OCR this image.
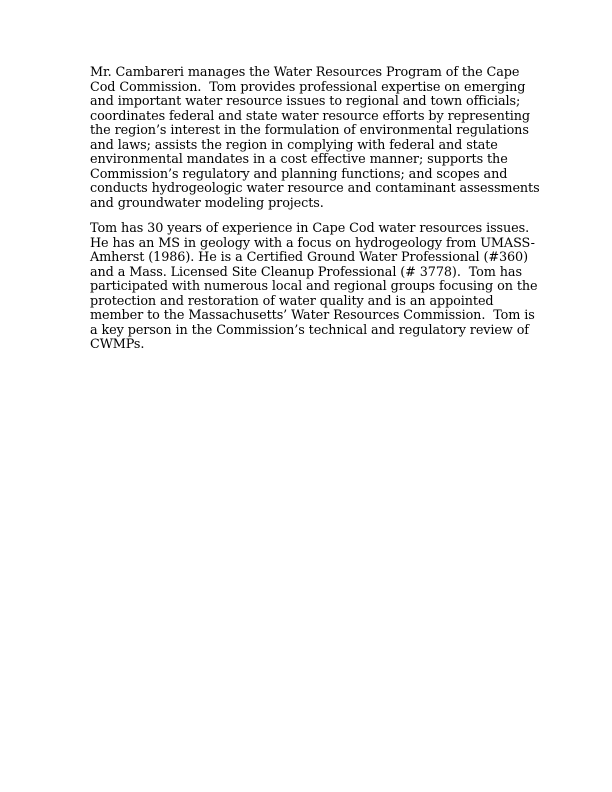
Mr. Cambareri manages the Water Resources Program of the Cape
Cod Commission.  Tom provides professional expertise on emerging
and important water resource issues to regional and town officials;
coordinates federal and state water resource efforts by representing
the region’s interest in the formulation of environmental regulations
and laws; assists the region in complying with federal and state
environmental mandates in a cost effective manner; supports the
Commission’s regulatory and planning functions; and scopes and
conducts hydrogeologic water resource and contaminant assessments
and groundwater modeling projects.

Tom has 30 years of experience in Cape Cod water resources issues.
He has an MS in geology with a focus on hydrogeology from UMASS-
Amherst (1986). He is a Certified Ground Water Professional (#360)
and a Mass. Licensed Site Cleanup Professional (# 3778).  Tom has
participated with numerous local and regional groups focusing on the
protection and restoration of water quality and is an appointed
member to the Massachusetts’ Water Resources Commission.  Tom is
a key person in the Commission’s technical and regulatory review of
CWMPs.
